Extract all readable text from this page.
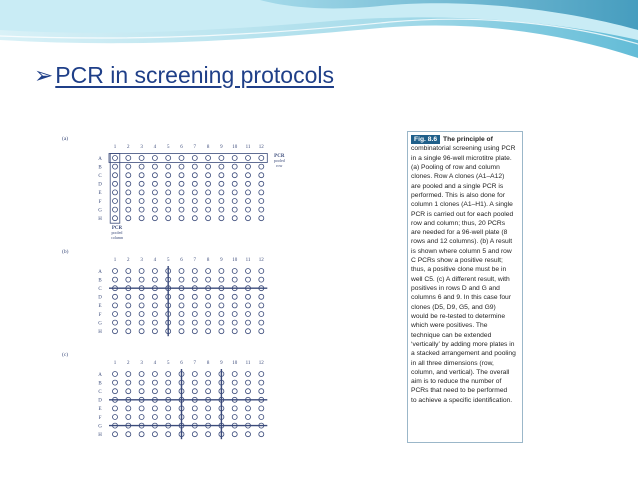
➢PCR in screening protocols
(a)
1 2 3 4 5 6 7 8 9 10 11 12
A
B
C
D
E
F
G
H
PCR
pooled
row
PCR
pooled
column
(b)
1 2 3 4 5 6 7 8 9 10 11 12
A
B
C
D
E
F
G
H
(c)
1 2 3 4 5 6 7 8 9 10 11 12
A
B
C
D
E
F
G
H
Fig. 8.6 The principle of
combinatorial screening using PCR
in a single 96-well microtitre plate.
(a) Pooling of row and column
clones. Row A clones (A1–A12)
are pooled and a single PCR is
performed. This is also done for
column 1 clones (A1–H1). A single
PCR is carried out for each pooled
row and column; thus, 20 PCRs
are needed for a 96-well plate (8
rows and 12 columns). (b) A result
is shown where column 5 and row
C PCRs show a positive result;
thus, a positive clone must be in
well C5. (c) A different result, with
positives in rows D and G and
columns 6 and 9. In this case four
clones (D5, D9, G5, and G9)
would be re-tested to determine
which were positives. The
technique can be extended
‘vertically’ by adding more plates in
a stacked arrangement and pooling
in all three dimensions (row,
column, and vertical). The overall
aim is to reduce the number of
PCRs that need to be performed
to achieve a specific identification.
